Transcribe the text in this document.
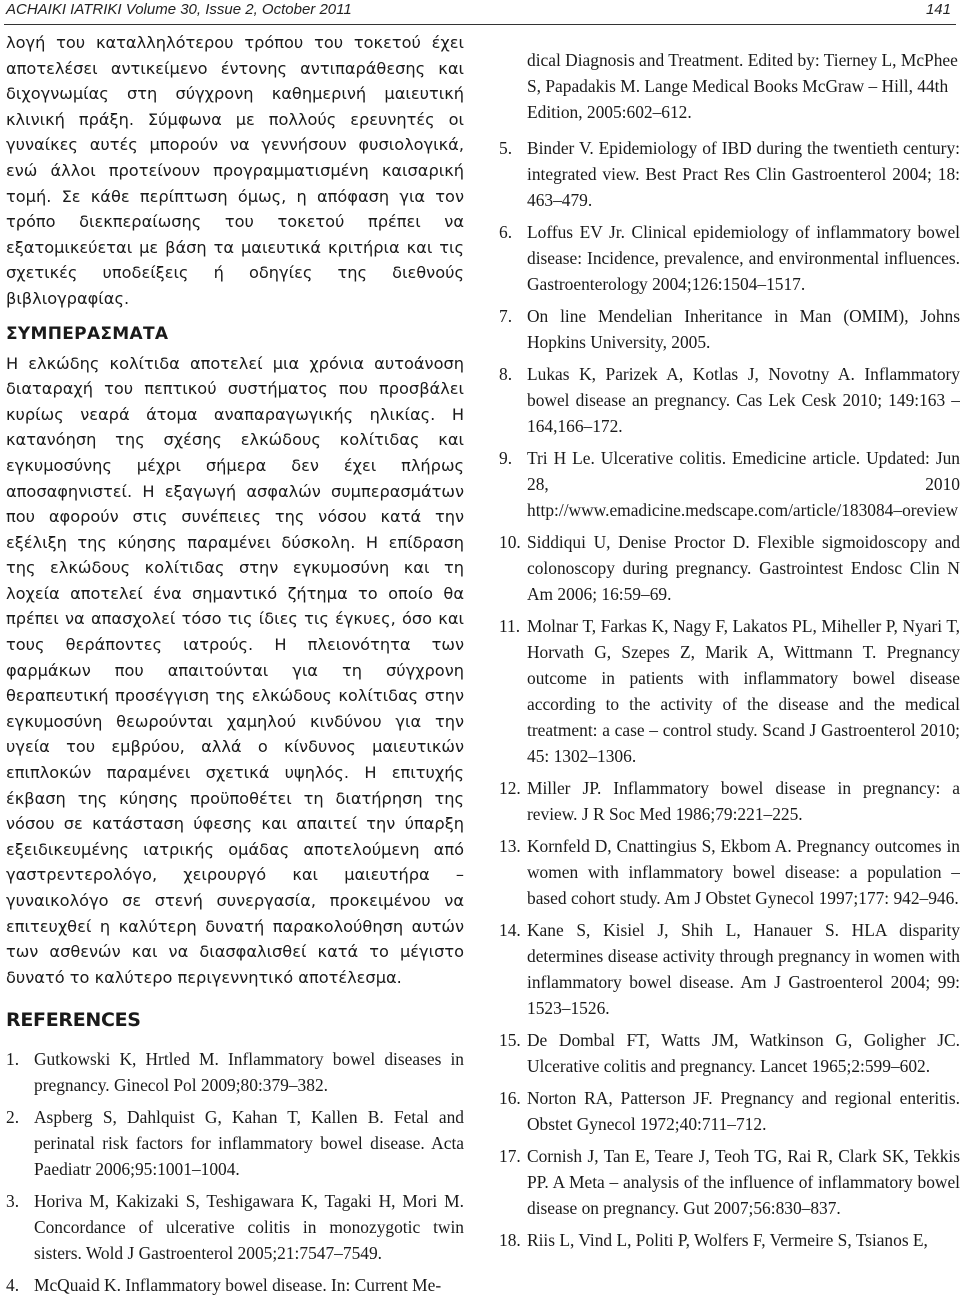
ACHAIKI IATRIKI Volume 30, Issue 2, October 2011	141

λογή του καταλληλότερου τρόπου του τοκετού έχει αποτελέσει αντικείμενο έντονης αντιπαράθεσης και διχογνωμίας στη σύγχρονη καθημερινή μαιευτική κλινική πράξη. Σύμφωνα με πολλούς ερευνητές οι γυναίκες αυτές μπορούν να γεννήσουν φυσιολογικά, ενώ άλλοι προτείνουν προγραμματισμένη καισαρική τομή. Σε κάθε περίπτωση όμως, η απόφαση για τον τρόπο διεκπεραίωσης του τοκετού πρέπει να εξατομικεύεται με βάση τα μαιευτικά κριτήρια και τις σχετικές υποδείξεις ή οδηγίες της διεθνούς βιβλιογραφίας.

ΣΥΜΠΕΡΑΣΜΑΤΑ

Η ελκώδης κολίτιδα αποτελεί μια χρόνια αυτοάνοση διαταραχή του πεπτικού συστήματος που προσβάλει κυρίως νεαρά άτομα αναπαραγωγικής ηλικίας. Η κατανόηση της σχέσης ελκώδους κολίτιδας και εγκυμοσύνης μέχρι σήμερα δεν έχει πλήρως αποσαφηνιστεί. Η εξαγωγή ασφαλών συμπερασμάτων που αφορούν στις συνέπειες της νόσου κατά την εξέλιξη της κύησης παραμένει δύσκολη. Η επίδραση της ελκώδους κολίτιδας στην εγκυμοσύνη και τη λοχεία αποτελεί ένα σημαντικό ζήτημα το οποίο θα πρέπει να απασχολεί τόσο τις ίδιες τις έγκυες, όσο και τους θεράποντες ιατρούς. Η πλειονότητα των φαρμάκων που απαιτούνται για τη σύγχρονη θεραπευτική προσέγγιση της ελκώδους κολίτιδας στην εγκυμοσύνη θεωρούνται χαμηλού κινδύνου για την υγεία του εμβρύου, αλλά ο κίνδυνος μαιευτικών επιπλοκών παραμένει σχετικά υψηλός. Η επιτυχής έκβαση της κύησης προϋποθέτει τη διατήρηση της νόσου σε κατάσταση ύφεσης και απαιτεί την ύπαρξη εξειδικευμένης ιατρικής ομάδας αποτελούμενη από γαστρεντερολόγο, χειρουργό και μαιευτήρα – γυναικολόγο σε στενή συνεργασία, προκειμένου να επιτευχθεί η καλύτερη δυνατή παρακολούθηση αυτών των ασθενών και να διασφαλισθεί κατά το μέγιστο δυνατό το καλύτερο περιγεννητικό αποτέλεσμα.

REFERENCES
1. Gutkowski K, Hrtled M. Inflammatory bowel diseases in pregnancy. Ginecol Pol 2009;80:379–382.
2. Aspberg S, Dahlquist G, Kahan T, Kallen B. Fetal and perinatal risk factors for inflammatory bowel disease. Acta Paediatr 2006;95:1001–1004.
3. Horiva M, Kakizaki S, Teshigawara K, Tagaki H, Mori M. Concordance of ulcerative colitis in monozygotic twin sisters. Wold J Gastroenterol 2005;21:7547–7549.
4. McQuaid K. Inflammatory bowel disease. In: Current Me-

dical Diagnosis and Treatment. Edited by: Tierney L, McPhee S, Papadakis M. Lange Medical Books McGraw – Hill, 44th Edition, 2005:602–612.

5. Binder V. Epidemiology of IBD during the twentieth century: integrated view. Best Pract Res Clin Gastroenterol 2004; 18: 463–479.
6. Loffus EV Jr. Clinical epidemiology of inflammatory bowel disease: Incidence, prevalence, and environmental influences. Gastroenterology 2004;126:1504–1517.
7. On line Mendelian Inheritance in Man (OMIM), Johns Hopkins University, 2005.
8. Lukas K, Parizek A, Kotlas J, Novotny A. Inflammatory bowel disease an pregnancy. Cas Lek Cesk 2010; 149:163 – 164,166–172.
9. Tri H Le. Ulcerative colitis. Emedicine article. Updated: Jun 28, 2010 http://www.emadicine.medscape.com/article/183084–oreview
10. Siddiqui U, Denise Proctor D. Flexible sigmoidoscopy and colonoscopy during pregnancy. Gastrointest Endosc Clin N Am 2006; 16:59–69.
11. Molnar T, Farkas K, Nagy F, Lakatos PL, Miheller P, Nyari T, Horvath G, Szepes Z, Marik A, Wittmann T. Pregnancy outcome in patients with inflammatory bowel disease according to the activity of the disease and the medical treatment: a case – control study. Scand J Gastroenterol 2010; 45: 1302–1306.
12. Miller JP. Inflammatory bowel disease in pregnancy: a review. J R Soc Med 1986;79:221–225.
13. Kornfeld D, Cnattingius S, Ekbom A. Pregnancy outcomes in women with inflammatory bowel disease: a population – based cohort study. Am J Obstet Gynecol 1997;177: 942–946.
14. Kane S, Kisiel J, Shih L, Hanauer S. HLA disparity determines disease activity through pregnancy in women with inflammatory bowel disease. Am J Gastroenterol 2004; 99: 1523–1526.
15. De Dombal FT, Watts JM, Watkinson G, Goligher JC. Ulcerative colitis and pregnancy. Lancet 1965;2:599–602.
16. Norton RA, Patterson JF. Pregnancy and regional enteritis. Obstet Gynecol 1972;40:711–712.
17. Cornish J, Tan E, Teare J, Teoh TG, Rai R, Clark SK, Tekkis PP. A Meta – analysis of the influence of inflammatory bowel disease on pregnancy. Gut 2007;56:830–837.
18. Riis L, Vind L, Politi P, Wolfers F, Vermeire S, Tsianos E,
